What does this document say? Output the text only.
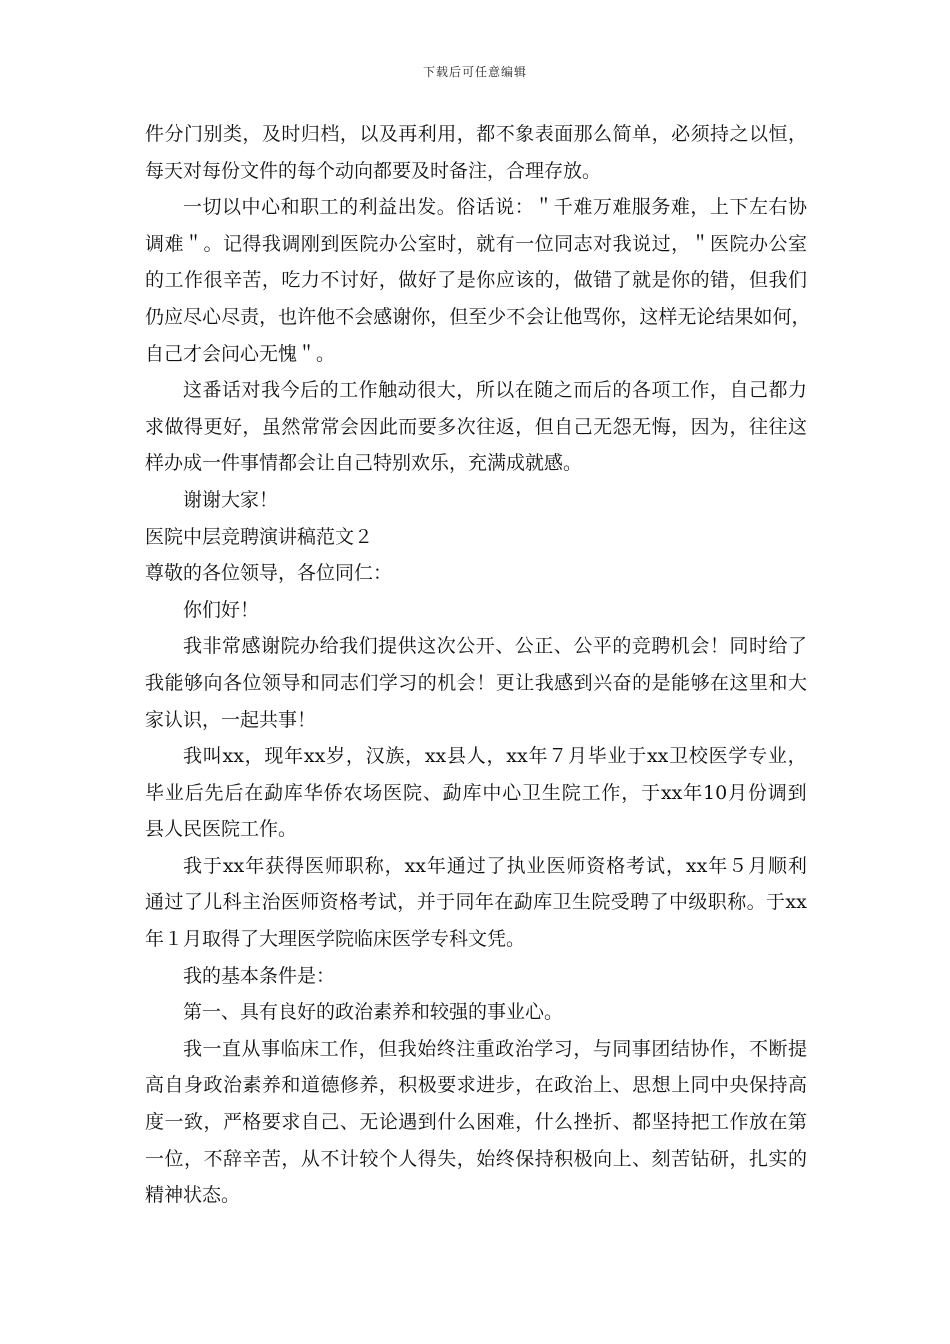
下载后可任意编辑
件 分 门 别 类 ， 及 时 归 档 ， 以 及 再 利 用 ， 都 不 象 表 面 那 么 简 单 ， 必 须 持 之 以 恒 ，
每天对每份文件的每个动向都要及时备注，合理存放。
一 切 以 中 心 和 职 工 的 利 益 出 发 。 俗 话 说 ： ＂ 千 难 万 难 服 务 难 ， 上 下 左 右 协
调 难 ＂ 。 记 得 我 调 刚 到 医 院 办 公 室 时 ， 就 有 一 位 同 志 对 我 说 过 ， ＂ 医 院 办 公 室
的 工 作 很 辛 苦 ， 吃 力 不 讨 好 ， 做 好 了 是 你 应 该 的 ， 做 错 了 就 是 你 的 错 ， 但 我 们
仍 应 尽 心 尽 责 ， 也 许 他 不 会 感 谢 你 ， 但 至 少 不 会 让 他 骂 你 ， 这 样 无 论 结 果 如 何 ，
自己才会问心无愧＂。
这 番 话 对 我 今 后 的 工 作 触 动 很 大 ， 所 以 在 随 之 而 后 的 各 项 工 作 ， 自 己 都 力
求 做 得 更 好 ， 虽 然 常 常 会 因 此 而 要 多 次 往 返 ， 但 自 己 无 怨 无 悔 ， 因 为 ， 往 往 这
样办成一件事情都会让自己特别欢乐，充满成就感。
谢谢大家！
医院中层竞聘演讲稿范文２
尊敬的各位领导，各位同仁：
你们好！
我 非 常 感 谢 院 办 给 我 们 提 供 这 次 公 开 、 公 正 、 公 平 的 竞 聘 机 会 ！ 同 时 给 了
我 能 够 向 各 位 领 导 和 同 志 们 学 习 的 机 会 ！ 更 让 我 感 到 兴 奋 的 是 能 够 在 这 里 和 大
家认识，一起共事！
我 叫 xx ， 现 年 xx 岁 ， 汉 族 ， xx 县 人 ， xx 年 ７ 月 毕 业 于 xx 卫 校 医 学 专 业 ，
毕 业 后 先 后 在 勐 库 华 侨 农 场 医 院 、 勐 库 中 心 卫 生 院 工 作 ， 于 xx 年 10 月 份 调 到
县人民医院工作。
我 于 xx 年 获 得 医 师 职 称 ， xx 年 通 过 了 执 业 医 师 资 格 考 试 ， xx 年 ５ 月 顺 利
通 过 了 儿 科 主 治 医 师 资 格 考 试 ， 并 于 同 年 在 勐 库 卫 生 院 受 聘 了 中 级 职 称 。 于 xx
年１月取得了大理医学院临床医学专科文凭。
我的基本条件是：
第一、具有良好的政治素养和较强的事业心。
我 一 直 从 事 临 床 工 作 ， 但 我 始 终 注 重 政 治 学 习 ， 与 同 事 团 结 协 作 ， 不 断 提
高 自 身 政 治 素 养 和 道 德 修 养 ， 积 极 要 求 进 步 ， 在 政 治 上 、 思 想 上 同 中 央 保 持 高
度 一 致 ， 严 格 要 求 自 己 、 无 论 遇 到 什 么 困 难 ， 什 么 挫 折 、 都 坚 持 把 工 作 放 在 第
一 位 ， 不 辞 辛 苦 ， 从 不 计 较 个 人 得 失 ， 始 终 保 持 积 极 向 上 、 刻 苦 钻 研 ， 扎 实 的
精神状态。
